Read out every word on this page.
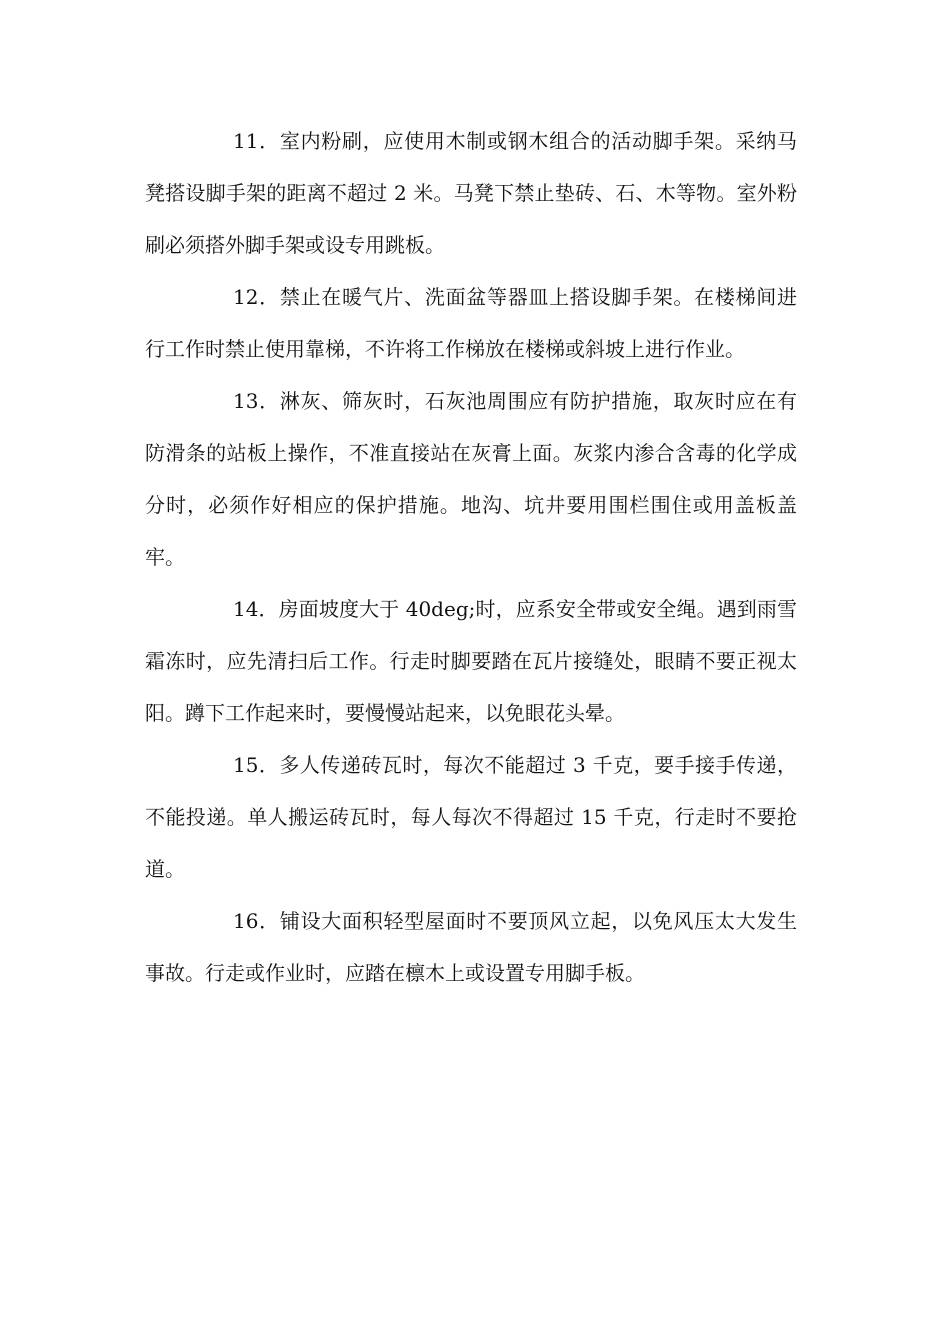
11．室内粉刷，应使用木制或钢木组合的活动脚手架。采纳马凳搭设脚手架的距离不超过 2 米。马凳下禁止垫砖、石、木等物。室外粉刷必须搭外脚手架或设专用跳板。

12．禁止在暖气片、洗面盆等器皿上搭设脚手架。在楼梯间进行工作时禁止使用靠梯，不许将工作梯放在楼梯或斜坡上进行作业。

13．淋灰、筛灰时，石灰池周围应有防护措施，取灰时应在有防滑条的站板上操作，不准直接站在灰膏上面。灰浆内渗合含毒的化学成分时，必须作好相应的保护措施。地沟、坑井要用围栏围住或用盖板盖牢。

14．房面坡度大于 40deg;时，应系安全带或安全绳。遇到雨雪霜冻时，应先清扫后工作。行走时脚要踏在瓦片接缝处，眼睛不要正视太阳。蹲下工作起来时，要慢慢站起来，以免眼花头晕。

15．多人传递砖瓦时，每次不能超过 3 千克，要手接手传递，不能投递。单人搬运砖瓦时，每人每次不得超过 15 千克，行走时不要抢道。

16．铺设大面积轻型屋面时不要顶风立起，以免风压太大发生事故。行走或作业时，应踏在檩木上或设置专用脚手板。
